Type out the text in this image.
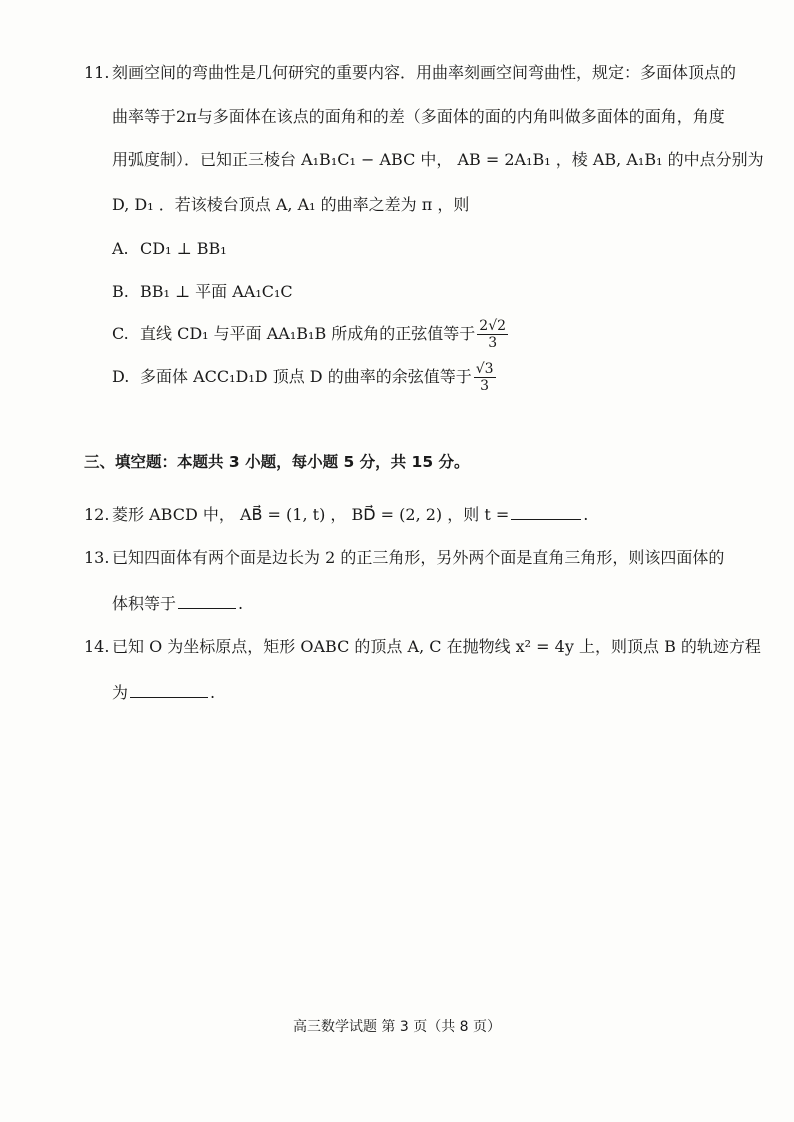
11. 刻画空间的弯曲性是几何研究的重要内容．用曲率刻画空间弯曲性，规定：多面体顶点的
曲率等于2π与多面体在该点的面角和的差（多面体的面的内角叫做多面体的面角，角度
用弧度制）．已知正三棱台 A₁B₁C₁ − ABC 中， AB = 2A₁B₁ ，棱 AB, A₁B₁ 的中点分别为
D, D₁ ．若该棱台顶点 A, A₁ 的曲率之差为 π ，则
A. CD₁ ⊥ BB₁
B. BB₁ ⊥ 平面 AA₁C₁C
C. 直线 CD₁ 与平面 AA₁B₁B 所成角的正弦值等于 $\frac{2√2}{3}$
D. 多面体 ACC₁D₁D 顶点 D 的曲率的余弦值等于 $\frac{√3}{3}$
三、填空题：本题共 3 小题，每小题 5 分，共 15 分。
12. 菱形 ABCD 中， AB⃗ = (1, t) ， BD⃗ = (2, 2) ，则 t =	.
13. 已知四面体有两个面是边长为 2 的正三角形，另外两个面是直角三角形，则该四面体的
体积等于	.
14. 已知 O 为坐标原点，矩形 OABC 的顶点 A, C 在抛物线 x² = 4y 上，则顶点 B 的轨迹方程
为	.
高三数学试题 第 3 页（共 8 页）
